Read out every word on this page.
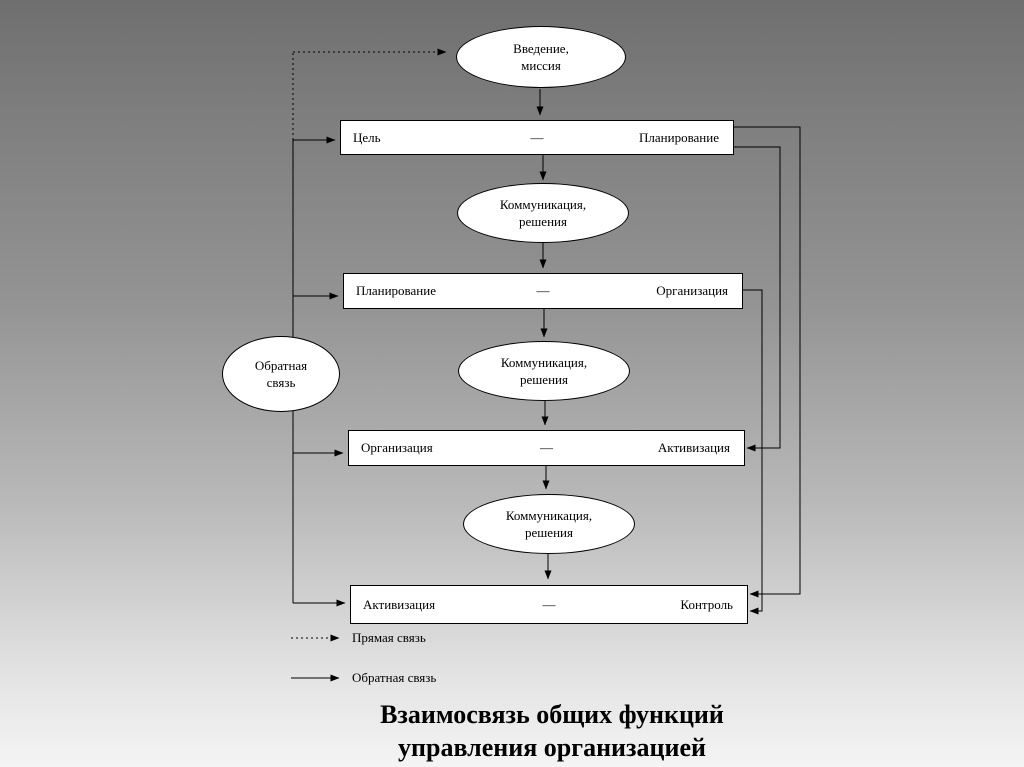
Введение,
миссия
Цель	—	Планирование
Коммуникация,
решения
Планирование	—	Организация
Коммуникация,
решения
Обратная
связь
Организация	—	Активизация
Коммуникация,
решения
Активизация	—	Контроль
Прямая связь
Обратная связь
Взаимосвязь общих функций
управления организацией
